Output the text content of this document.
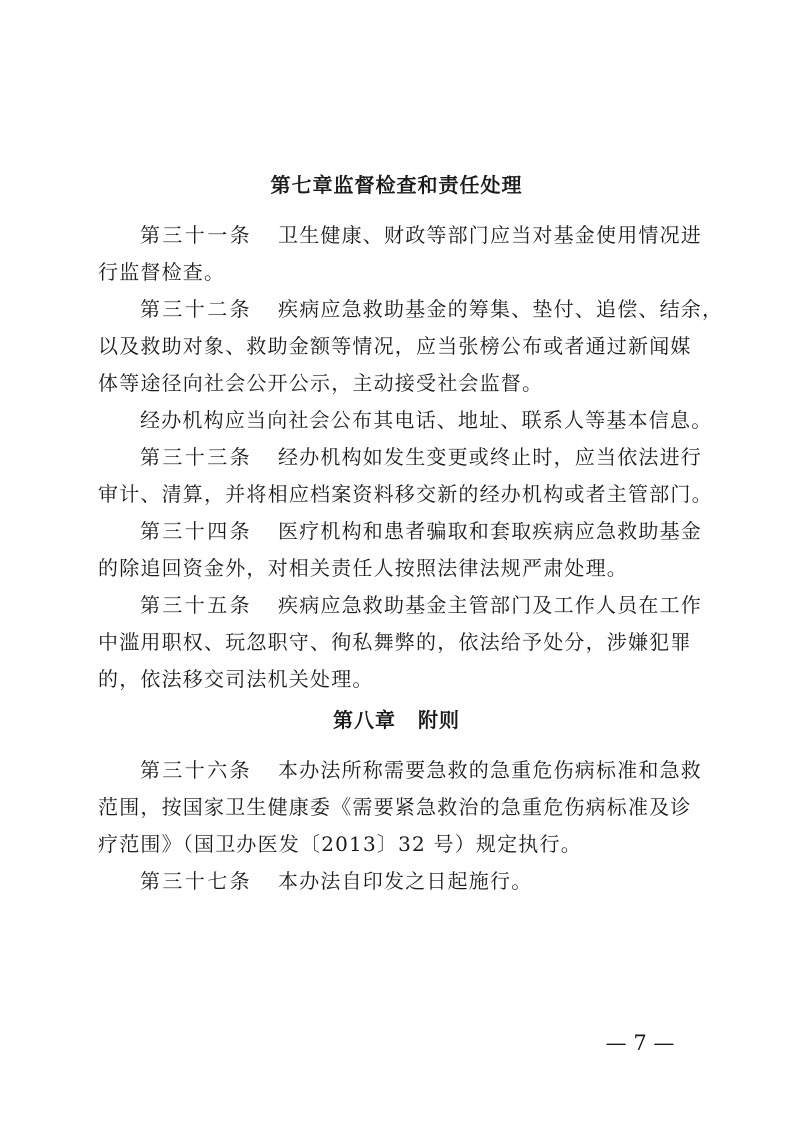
第七章监督检查和责任处理
第三十一条 卫生健康、财政等部门应当对基金使用情况进
行监督检查。
第三十二条 疾病应急救助基金的筹集、垫付、追偿、结余，
以及救助对象、救助金额等情况，应当张榜公布或者通过新闻媒
体等途径向社会公开公示，主动接受社会监督。
经办机构应当向社会公布其电话、地址、联系人等基本信息。
第三十三条 经办机构如发生变更或终止时，应当依法进行
审计、清算，并将相应档案资料移交新的经办机构或者主管部门。
第三十四条 医疗机构和患者骗取和套取疾病应急救助基金
的除追回资金外，对相关责任人按照法律法规严肃处理。
第三十五条 疾病应急救助基金主管部门及工作人员在工作
中滥用职权、玩忽职守、徇私舞弊的，依法给予处分，涉嫌犯罪
的，依法移交司法机关处理。
第八章 附则
第三十六条 本办法所称需要急救的急重危伤病标准和急救
范围，按国家卫生健康委《需要紧急救治的急重危伤病标准及诊
疗范围》（国卫办医发〔2013〕32 号）规定执行。
第三十七条 本办法自印发之日起施行。
— 7 —
